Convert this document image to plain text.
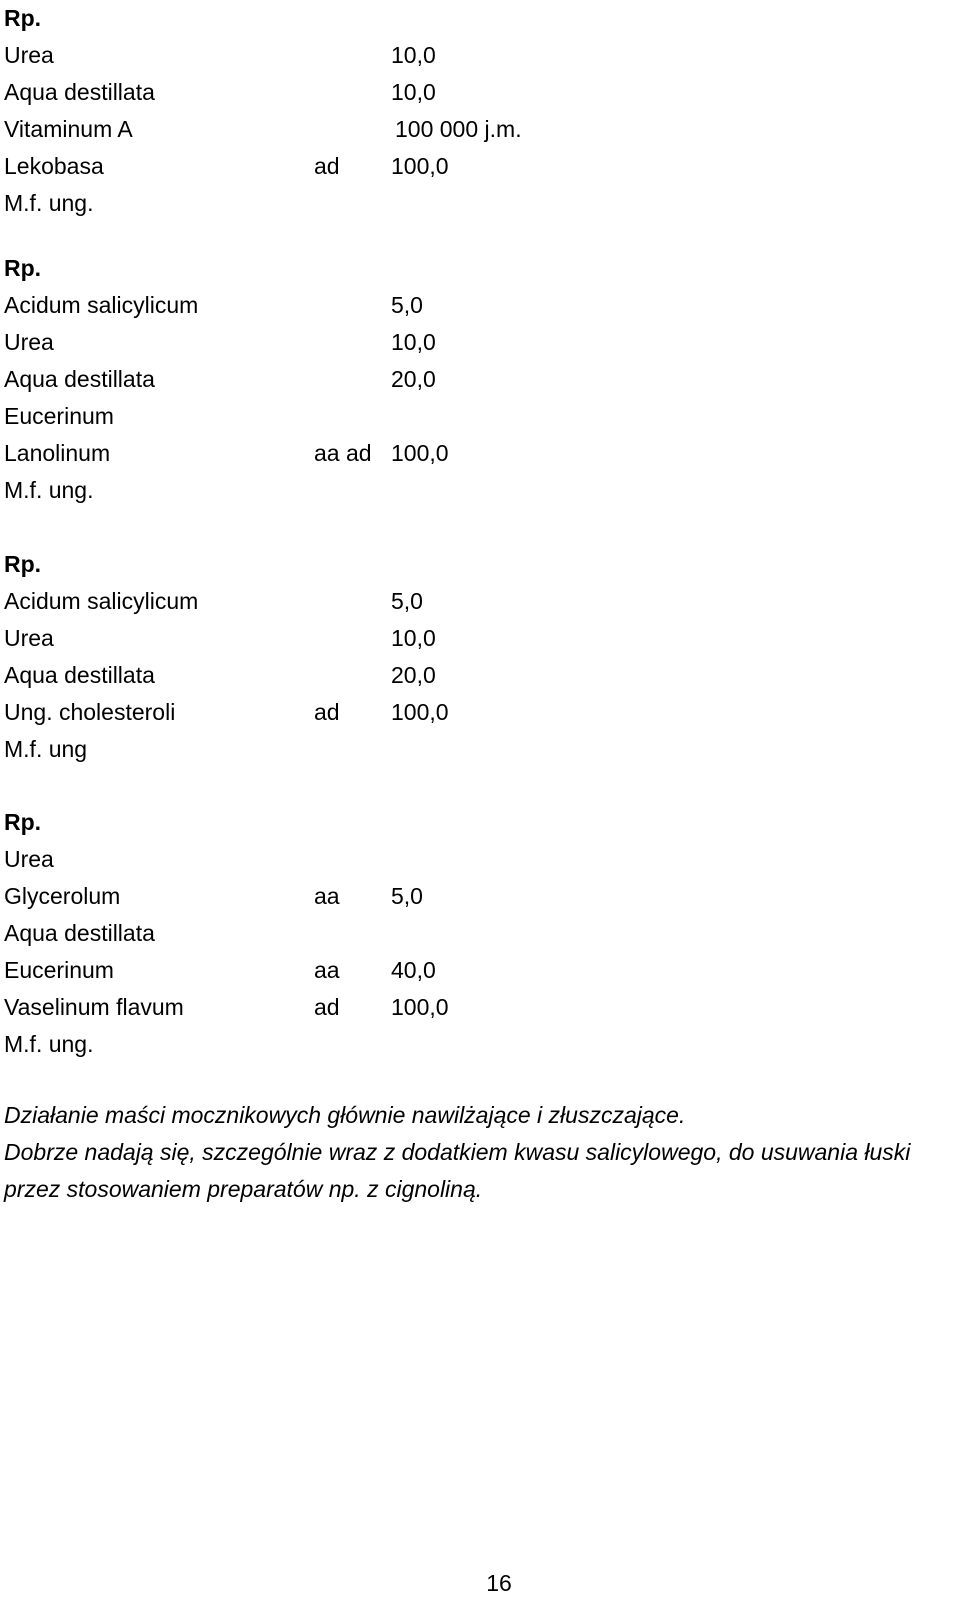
Rp.
Urea	10,0
Aqua destillata	10,0
Vitaminum A	100 000 j.m.
Lekobasa	ad 100,0
M.f. ung.
Rp.
Acidum salicylicum	5,0
Urea	10,0
Aqua destillata	20,0
Eucerinum
Lanolinum	aa ad 100,0
M.f. ung.
Rp.
Acidum salicylicum	5,0
Urea	10,0
Aqua destillata	20,0
Ung. cholesteroli	ad 100,0
M.f. ung
Rp.
Urea
Glycerolum	aa 5,0
Aqua destillata
Eucerinum	aa 40,0
Vaselinum flavum	ad 100,0
M.f. ung.
Działanie maści mocznikowych głównie nawilżające i złuszczające.
Dobrze nadają się, szczególnie wraz z dodatkiem kwasu salicylowego, do usuwania łuski
przez stosowaniem preparatów np. z cignoliną.
16
